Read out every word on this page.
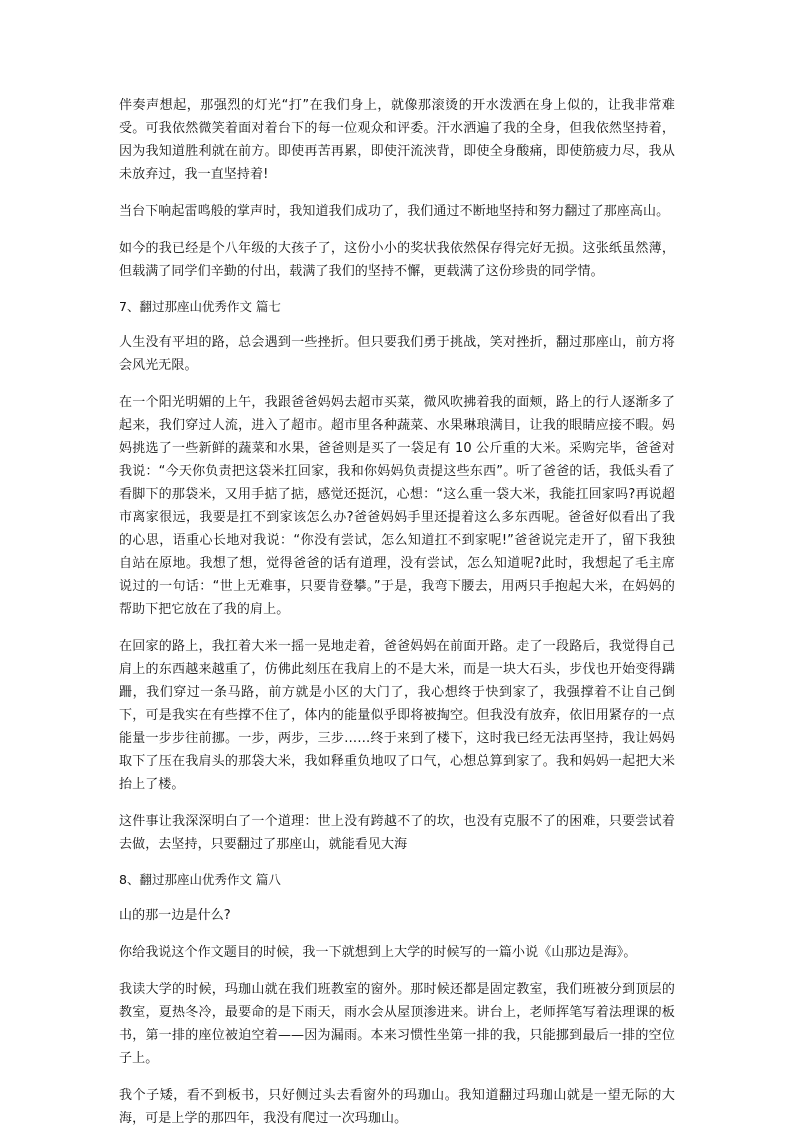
伴奏声想起，那强烈的灯光“打”在我们身上，就像那滚烫的开水泼洒在身上似的，让我非常难受。可我依然微笑着面对着台下的每一位观众和评委。汗水洒遍了我的全身，但我依然坚持着，因为我知道胜利就在前方。即使再苦再累，即使汗流浃背，即使全身酸痛，即使筋疲力尽，我从未放弃过，我一直坚持着!

当台下响起雷鸣般的掌声时，我知道我们成功了，我们通过不断地坚持和努力翻过了那座高山。

如今的我已经是个八年级的大孩子了，这份小小的奖状我依然保存得完好无损。这张纸虽然薄，但载满了同学们辛勤的付出，载满了我们的坚持不懈，更载满了这份珍贵的同学情。

7、翻过那座山优秀作文 篇七

人生没有平坦的路，总会遇到一些挫折。但只要我们勇于挑战，笑对挫折，翻过那座山，前方将会风光无限。

在一个阳光明媚的上午，我跟爸爸妈妈去超市买菜，微风吹拂着我的面颊，路上的行人逐渐多了起来，我们穿过人流，进入了超市。超市里各种蔬菜、水果琳琅满目，让我的眼睛应接不暇。妈妈挑选了一些新鲜的蔬菜和水果，爸爸则是买了一袋足有 10 公斤重的大米。采购完毕，爸爸对我说：“今天你负责把这袋米扛回家，我和你妈妈负责提这些东西”。听了爸爸的话，我低头看了看脚下的那袋米，又用手掂了掂，感觉还挺沉，心想：“这么重一袋大米，我能扛回家吗?再说超市离家很远，我要是扛不到家该怎么办?爸爸妈妈手里还提着这么多东西呢。爸爸好似看出了我的心思，语重心长地对我说：“你没有尝试，怎么知道扛不到家呢!”爸爸说完走开了，留下我独自站在原地。我想了想，觉得爸爸的话有道理，没有尝试，怎么知道呢?此时，我想起了毛主席说过的一句话：“世上无难事，只要肯登攀。”于是，我弯下腰去，用两只手抱起大米，在妈妈的帮助下把它放在了我的肩上。

在回家的路上，我扛着大米一摇一晃地走着，爸爸妈妈在前面开路。走了一段路后，我觉得自己肩上的东西越来越重了，仿佛此刻压在我肩上的不是大米，而是一块大石头，步伐也开始变得蹒跚，我们穿过一条马路，前方就是小区的大门了，我心想终于快到家了，我强撑着不让自己倒下，可是我实在有些撑不住了，体内的能量似乎即将被掏空。但我没有放弃，依旧用紧存的一点能量一步步往前挪。一步，两步，三步……终于来到了楼下，这时我已经无法再坚持，我让妈妈取下了压在我肩头的那袋大米，我如释重负地叹了口气，心想总算到家了。我和妈妈一起把大米抬上了楼。

这件事让我深深明白了一个道理：世上没有跨越不了的坎，也没有克服不了的困难，只要尝试着去做，去坚持，只要翻过了那座山，就能看见大海

8、翻过那座山优秀作文 篇八

山的那一边是什么?

你给我说这个作文题目的时候，我一下就想到上大学的时候写的一篇小说《山那边是海》。

我读大学的时候，玛珈山就在我们班教室的窗外。那时候还都是固定教室，我们班被分到顶层的教室，夏热冬冷，最要命的是下雨天，雨水会从屋顶渗进来。讲台上，老师挥笔写着法理课的板书，第一排的座位被迫空着——因为漏雨。本来习惯性坐第一排的我，只能挪到最后一排的空位子上。

我个子矮，看不到板书，只好侧过头去看窗外的玛珈山。我知道翻过玛珈山就是一望无际的大海，可是上学的那四年，我没有爬过一次玛珈山。
